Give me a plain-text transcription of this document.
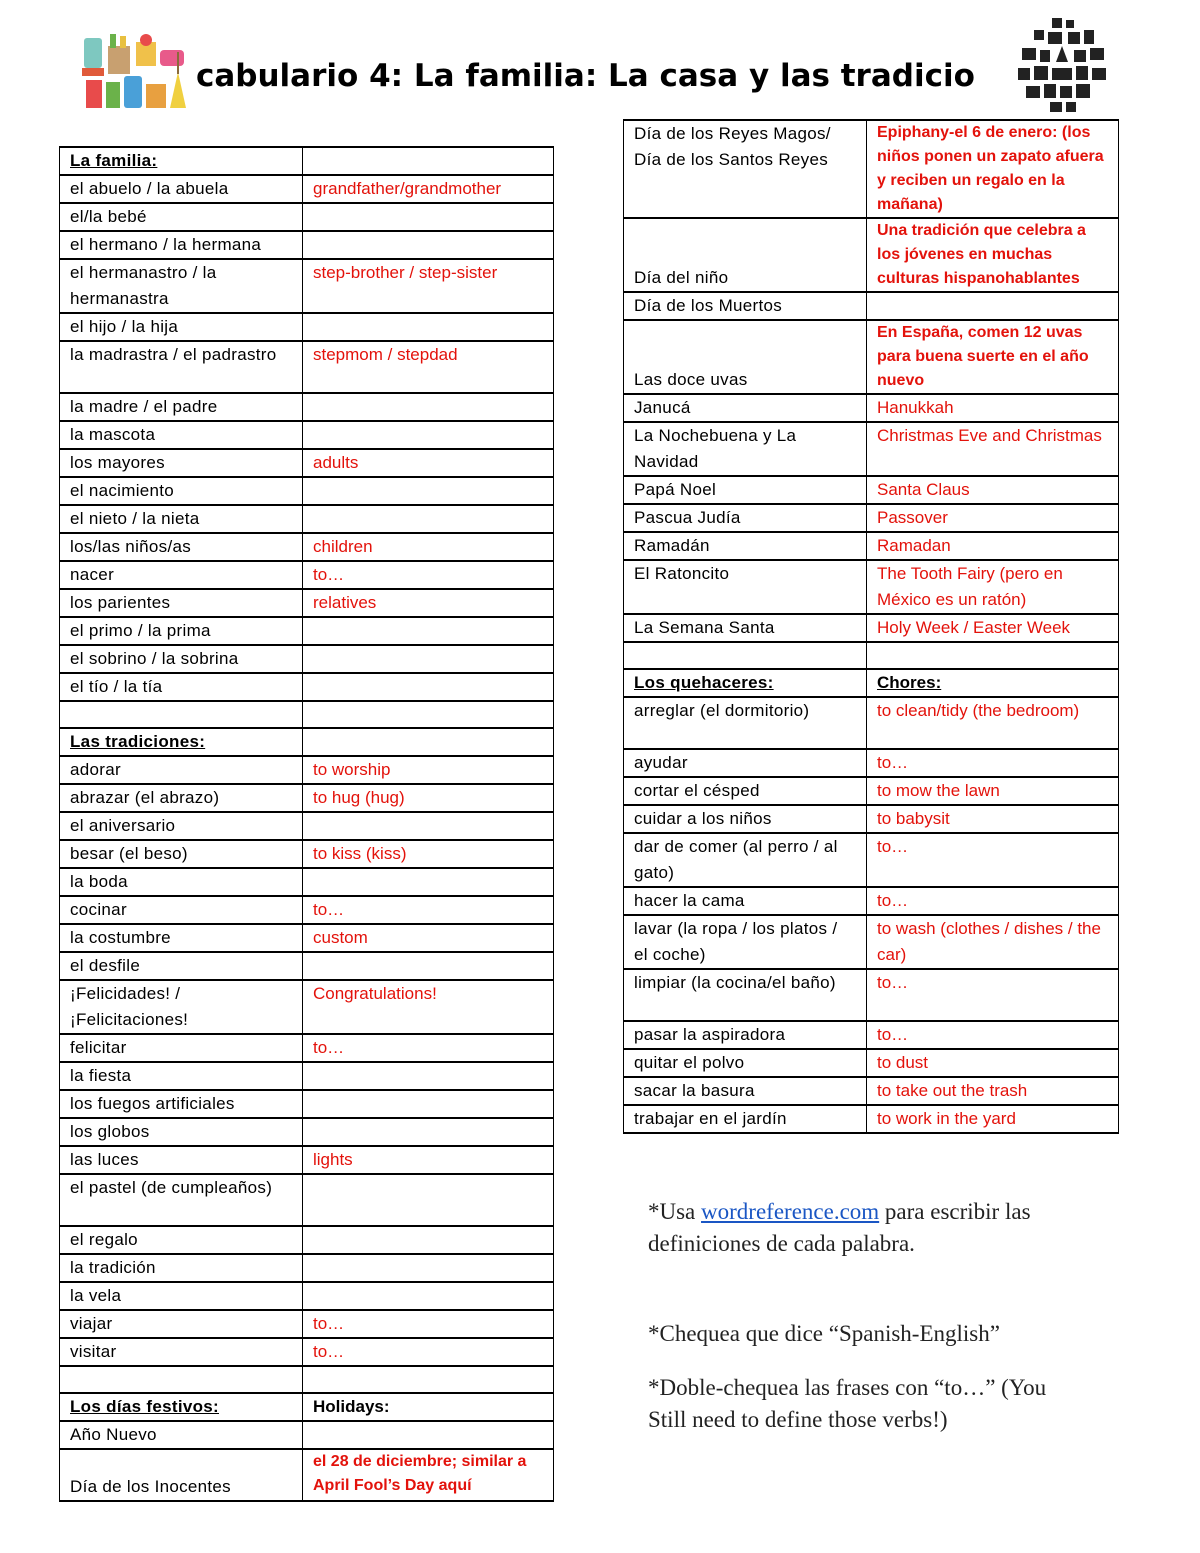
cabulario 4: La familia: La casa y las tradicio
La familia:	
el abuelo / la abuela	grandfather/grandmother
el/la bebé	
el hermano / la hermana	
el hermanastro / la hermanastra	step-brother / step-sister
el hijo / la hija	
la madrastra / el padrastro	stepmom / stepdad
la madre / el padre	
la mascota	
los mayores	adults
el nacimiento	
el nieto / la nieta	
los/las niños/as	children
nacer	to…
los parientes	relatives
el primo / la prima	
el sobrino / la sobrina	
el tío / la tía	

Las tradiciones:	
adorar	to worship
abrazar (el abrazo)	to hug (hug)
el aniversario	
besar (el beso)	to kiss (kiss)
la boda	
cocinar	to…
la costumbre	custom
el desfile	
¡Felicidades! / ¡Felicitaciones!	Congratulations!
felicitar	to…
la fiesta	
los fuegos artificiales	
los globos	
las luces	lights
el pastel (de cumpleaños)	
el regalo	
la tradición	
la vela	
viajar	to…
visitar	to…

Los días festivos:	Holidays:
Año Nuevo	
Día de los Inocentes	el 28 de diciembre; similar a April Fool’s Day aquí
Día de los Reyes Magos/ Día de los Santos Reyes	Epiphany-el 6 de enero: (los niños ponen un zapato afuera y reciben un regalo en la mañana)
Día del niño	Una tradición que celebra a los jóvenes en muchas culturas hispanohablantes
Día de los Muertos	
Las doce uvas	En España, comen 12 uvas para buena suerte en el año nuevo
Janucá	Hanukkah
La Nochebuena y La Navidad	Christmas Eve and Christmas
Papá Noel	Santa Claus
Pascua Judía	Passover
Ramadán	Ramadan
El Ratoncito	The Tooth Fairy (pero en México es un ratón)
La Semana Santa	Holy Week / Easter Week

Los quehaceres:	Chores:
arreglar (el dormitorio)	to clean/tidy (the bedroom)
ayudar	to…
cortar el césped	to mow the lawn
cuidar a los niños	to babysit
dar de comer (al perro / al gato)	to…
hacer la cama	to…
lavar (la ropa / los platos / el coche)	to wash (clothes / dishes / the car)
limpiar (la cocina/el baño)	to…
pasar la aspiradora	to…
quitar el polvo	to dust
sacar la basura	to take out the trash
trabajar en el jardín	to work in the yard
*Usa wordreference.com para escribir las
definiciones de cada palabra.
*Chequea que dice “Spanish-English”
*Doble-chequea las frases con “to…” (You
Still need to define those verbs!)
